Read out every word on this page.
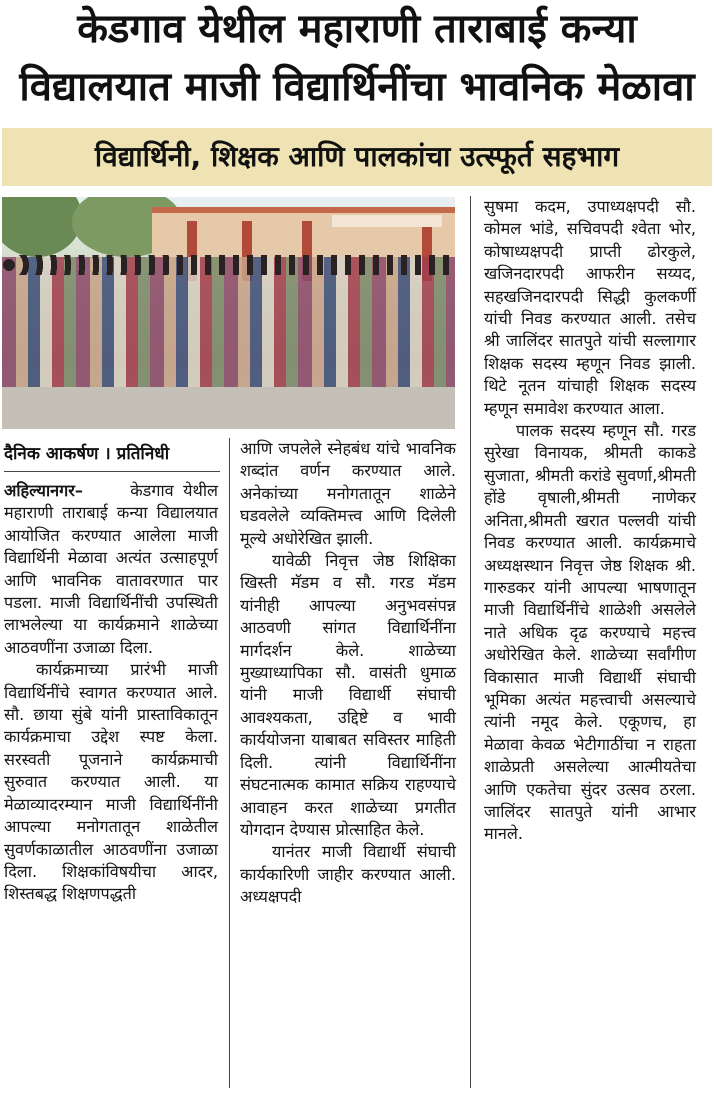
केडगाव येथील महाराणी ताराबाई कन्या
विद्यालयात माजी विद्यार्थिनींचा भावनिक मेळावा
विद्यार्थिनी, शिक्षक आणि पालकांचा उत्स्फूर्त सहभाग
दैनिक आकर्षण । प्रतिनिधी

अहिल्यानगर–	केडगाव येथील महाराणी ताराबाई कन्या विद्यालयात आयोजित करण्यात आलेला माजी विद्यार्थिनी मेळावा अत्यंत उत्साहपूर्ण आणि भावनिक वातावरणात पार पडला. माजी विद्यार्थिनींची उपस्थिती लाभलेल्या या कार्यक्रमाने शाळेच्या आठवणींना उजाळा दिला.

कार्यक्रमाच्या प्रारंभी माजी विद्यार्थिनींचे स्वागत करण्यात आले. सौ. छाया सुंबे यांनी प्रास्ताविकातून कार्यक्रमाचा उद्देश स्पष्ट केला. सरस्वती पूजनाने कार्यक्रमाची सुरुवात करण्यात आली. या मेळाव्यादरम्यान माजी विद्यार्थिनींनी आपल्या मनोगतातून शाळेतील सुवर्णकाळातील आठवणींना उजाळा दिला. शिक्षकांविषयीचा आदर, शिस्तबद्ध शिक्षणपद्धती

आणि जपलेले स्नेहबंध यांचे भावनिक शब्दांत वर्णन करण्यात आले. अनेकांच्या मनोगतातून शाळेने घडवलेले व्यक्तिमत्त्व आणि दिलेली मूल्ये अधोरेखित झाली.

यावेळी निवृत्त जेष्ठ शिक्षिका खिस्ती मॅडम व सौ. गरड मॅडम यांनीही आपल्या अनुभवसंपन्न आठवणी सांगत विद्यार्थिनींना मार्गदर्शन केले. शाळेच्या मुख्याध्यापिका सौ. वासंती धुमाळ यांनी माजी विद्यार्थी संघाची आवश्यकता, उद्दिष्टे व भावी कार्ययोजना याबाबत सविस्तर माहिती दिली. त्यांनी विद्यार्थिनींना संघटनात्मक कामात सक्रिय राहण्याचे आवाहन करत शाळेच्या प्रगतीत योगदान देण्यास प्रोत्साहित केले.

यानंतर माजी विद्यार्थी संघाची कार्यकारिणी जाहीर करण्यात आली. अध्यक्षपदी

सुषमा कदम, उपाध्यक्षपदी सौ. कोमल भांडे, सचिवपदी श्वेता भोर, कोषाध्यक्षपदी प्राप्ती ढोरकुले, खजिनदारपदी आफरीन सय्यद, सहखजिनदारपदी सिद्धी कुलकर्णी यांची निवड करण्यात आली. तसेच श्री जालिंदर सातपुते यांची सल्लागार शिक्षक सदस्य म्हणून निवड झाली. थिटे नूतन यांचाही शिक्षक सदस्य म्हणून समावेश करण्यात आला.

पालक सदस्य म्हणून सौ. गरड सुरेखा विनायक, श्रीमती काकडे सुजाता, श्रीमती करांडे सुवर्णा,श्रीमती होंडे वृषाली,श्रीमती नाणेकर अनिता,श्रीमती खरात पल्लवी यांची निवड करण्यात आली. कार्यक्रमाचे अध्यक्षस्थान निवृत्त जेष्ठ शिक्षक श्री. गारुडकर यांनी आपल्या भाषणातून माजी विद्यार्थिनींचे शाळेशी असलेले नाते अधिक दृढ करण्याचे महत्त्व अधोरेखित केले. शाळेच्या सर्वांगीण विकासात माजी विद्यार्थी संघाची भूमिका अत्यंत महत्त्वाची असल्याचे त्यांनी नमूद केले. एकूणच, हा मेळावा केवळ भेटीगाठींचा न राहता शाळेप्रती असलेल्या आत्मीयतेचा आणि एकतेचा सुंदर उत्सव ठरला. जालिंदर सातपुते यांनी आभार मानले.
